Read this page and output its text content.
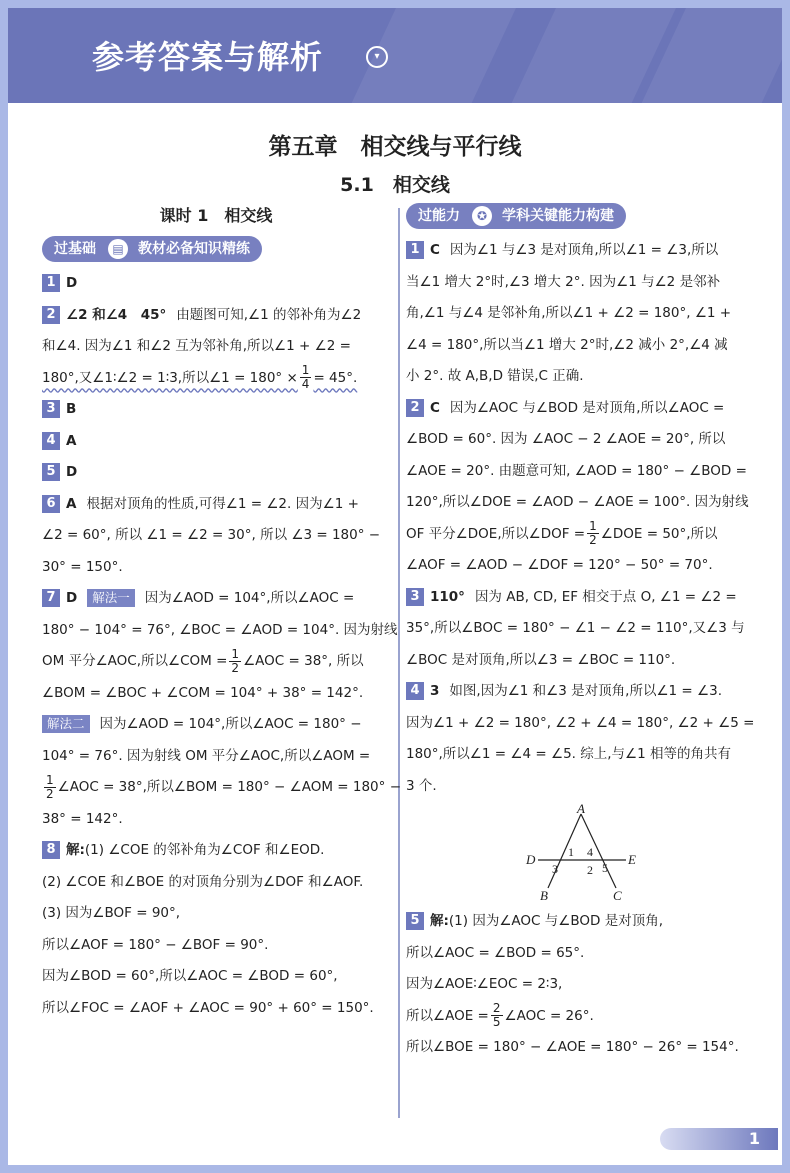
参考答案与解析	▾
第五章　相交线与平行线
5.1　相交线
课时 1　相交线
过基础	▤	教材必备知识精练
1 D
2 ∠2 和∠4　45° 由题图可知,∠1 的邻补角为∠2
和∠4. 因为∠1 和∠2 互为邻补角,所以∠1 + ∠2 =
180°,又∠1∶∠2 = 1∶3,所以∠1 = $180^\circ \times \frac{1}{4} = 45^\circ$.
3 B
4 A
5 D
6 A 根据对顶角的性质,可得∠1 = ∠2. 因为∠1 +
∠2 = 60°, 所以 ∠1 = ∠2 = 30°, 所以 ∠3 = 180° −
30° = 150°.
7 D 解法一 因为∠AOD = 104°,所以∠AOC =
180° − 104° = 76°, ∠BOC = ∠AOD = 104°. 因为射线
OM 平分∠AOC,所以∠COM = $\frac{1}{2}$ ∠AOC = 38°, 所以
∠BOM = ∠BOC + ∠COM = 104° + 38° = 142°.
解法二 因为∠AOD = 104°,所以∠AOC = 180° −
104° = 76°. 因为射线 OM 平分∠AOC,所以∠AOM =
$\frac{1}{2}$ ∠AOC = 38°,所以∠BOM = 180° − ∠AOM = 180° −
38° = 142°.
8 解:(1) ∠COE 的邻补角为∠COF 和∠EOD.
(2) ∠COE 和∠BOE 的对顶角分别为∠DOF 和∠AOF.
(3) 因为∠BOF = 90°,
所以∠AOF = 180° − ∠BOF = 90°.
因为∠BOD = 60°,所以∠AOC = ∠BOD = 60°,
所以∠FOC = ∠AOF + ∠AOC = 90° + 60° = 150°.
过能力	✪	学科关键能力构建
1 C 因为∠1 与∠3 是对顶角,所以∠1 = ∠3,所以
当∠1 增大 2°时,∠3 增大 2°. 因为∠1 与∠2 是邻补
角,∠1 与∠4 是邻补角,所以∠1 + ∠2 = 180°, ∠1 +
∠4 = 180°,所以当∠1 增大 2°时,∠2 减小 2°,∠4 减
小 2°. 故 A,B,D 错误,C 正确.
2 C 因为∠AOC 与∠BOD 是对顶角,所以∠AOC =
∠BOD = 60°. 因为 ∠AOC − 2 ∠AOE = 20°, 所以
∠AOE = 20°. 由题意可知, ∠AOD = 180° − ∠BOD =
120°,所以∠DOE = ∠AOD − ∠AOE = 100°. 因为射线
OF 平分∠DOE,所以∠DOF = $\frac{1}{2}$ ∠DOE = 50°,所以
∠AOF = ∠AOD − ∠DOF = 120° − 50° = 70°.
3 110° 因为 AB, CD, EF 相交于点 O, ∠1 = ∠2 =
35°,所以∠BOC = 180° − ∠1 − ∠2 = 110°,又∠3 与
∠BOC 是对顶角,所以∠3 = ∠BOC = 110°.
4 3 如图,因为∠1 和∠3 是对顶角,所以∠1 = ∠3.
因为∠1 + ∠2 = 180°, ∠2 + ∠4 = 180°, ∠2 + ∠5 =
180°,所以∠1 = ∠4 = ∠5. 综上,与∠1 相等的角共有
3 个.
A
B	C
D	E
1 4
3 2 5
5 解:(1) 因为∠AOC 与∠BOD 是对顶角,
所以∠AOC = ∠BOD = 65°.
因为∠AOE∶∠EOC = 2∶3,
所以∠AOE = $\frac{2}{5}$ ∠AOC = 26°.
所以∠BOE = 180° − ∠AOE = 180° − 26° = 154°.
1
